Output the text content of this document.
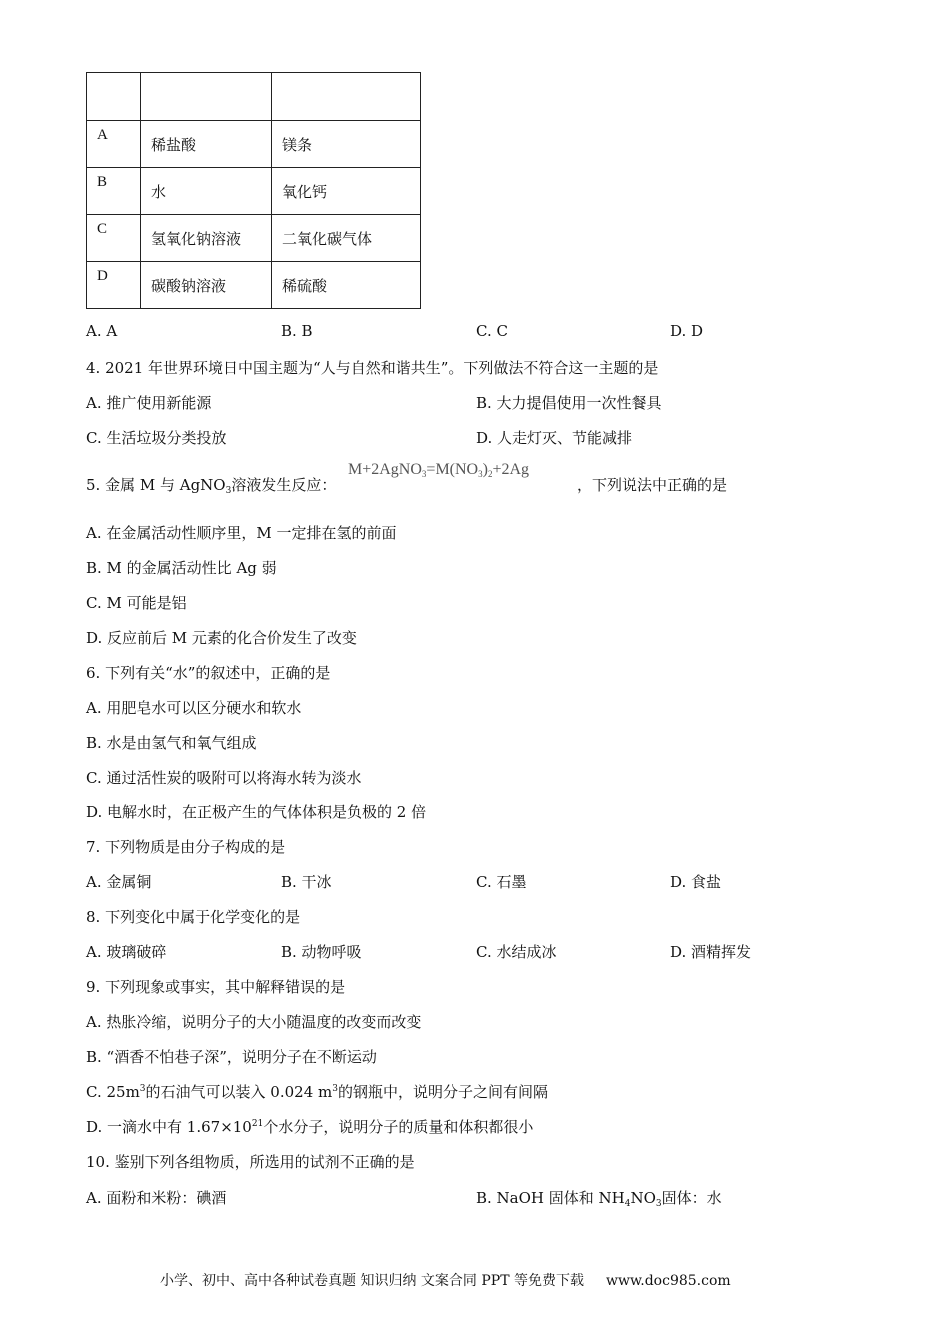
A	稀盐酸	镁条
B	水	氧化钙
C	氢氧化钠溶液	二氧化碳气体
D	碳酸钠溶液	稀硫酸
A. A	B. B	C. C	D. D
4. 2021 年世界环境日中国主题为“人与自然和谐共生”。下列做法不符合这一主题的是
A. 推广使用新能源	B. 大力提倡使用一次性餐具
C. 生活垃圾分类投放	D. 人走灯灭、节能减排
5. 金属 M 与 AgNO$_3$溶液发生反应：
$M+2AgNO_3=M(NO_3)_2+2Ag$
，下列说法中正确的是
A. 在金属活动性顺序里，M 一定排在氢的前面
B. M 的金属活动性比 Ag 弱
C. M 可能是铝
D. 反应前后 M 元素的化合价发生了改变
6. 下列有关“水”的叙述中，正确的是
A. 用肥皂水可以区分硬水和软水
B. 水是由氢气和氧气组成
C. 通过活性炭的吸附可以将海水转为淡水
D. 电解水时，在正极产生的气体体积是负极的 2 倍
7. 下列物质是由分子构成的是
A. 金属铜	B. 干冰	C. 石墨	D. 食盐
8. 下列变化中属于化学变化的是
A. 玻璃破碎	B. 动物呼吸	C. 水结成冰	D. 酒精挥发
9. 下列现象或事实，其中解释错误的是
A. 热胀冷缩，说明分子的大小随温度的改变而改变
B. “酒香不怕巷子深”，说明分子在不断运动
C. $25m^3$的石油气可以装入 0.024 $m^3$的钢瓶中，说明分子之间有间隔
D. 一滴水中有 $1.67\times 10^{21}$个水分子，说明分子的质量和体积都很小
10. 鉴别下列各组物质，所选用的试剂不正确的是
A. 面粉和米粉：碘酒	B. NaOH 固体和 $NH_4NO_3$固体：水
小学、初中、高中各种试卷真题 知识归纳 文案合同 PPT 等免费下载 www.doc985.com
